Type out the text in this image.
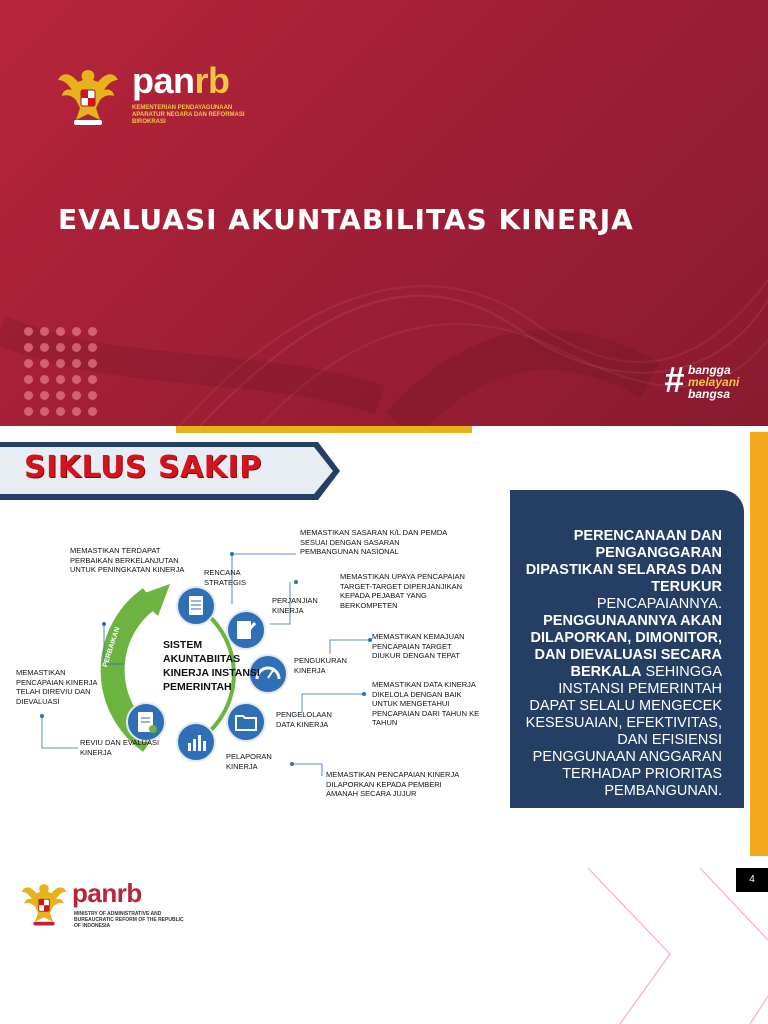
panrb
KEMENTERIAN PENDAYAGUNAAN APARATUR NEGARA DAN REFORMASI BIROKRASI
EVALUASI AKUNTABILITAS KINERJA
# bangga
melayani
bangsa
SIKLUS SAKIP
PERBAIKAN BERKELANJUTAN SISTEM AKUNTABIITAS KINERJA INSTANSI PEMERINTAH
RENCANA STRATEGIS
PERJANJIAN KINERJA
PENGUKURAN KINERJA
PENGELOLAAN DATA KINERJA
PELAPORAN KINERJA
REVIU DAN EVALUASI KINERJA
MEMASTIKAN SASARAN K/L DAN PEMDA SESUAI DENGAN SASARAN PEMBANGUNAN NASIONAL
MEMASTIKAN UPAYA PENCAPAIAN TARGET-TARGET DIPERJANJIKAN KEPADA PEJABAT YANG BERKOMPETEN
MEMASTIKAN KEMAJUAN PENCAPAIAN TARGET DIUKUR DENGAN TEPAT
MEMASTIKAN DATA KINERJA DIKELOLA DENGAN BAIK UNTUK MENGETAHUI PENCAPAIAN DARI TAHUN KE TAHUN
MEMASTIKAN PENCAPAIAN KINERJA DILAPORKAN KEPADA PEMBERI AMANAH SECARA JUJUR
MEMASTIKAN PENCAPAIAN KINERJA TELAH DIREVIU DAN DIEVALUASI
MEMASTIKAN TERDAPAT PERBAIKAN BERKELANJUTAN UNTUK PENINGKATAN KINERJA
PERENCANAAN DAN PENGANGGARAN DIPASTIKAN SELARAS DAN TERUKUR PENCAPAIANNYA. PENGGUNAANNYA AKAN DILAPORKAN, DIMONITOR, DAN DIEVALUASI SECARA BERKALA SEHINGGA INSTANSI PEMERINTAH DAPAT SELALU MENGECEK KESESUAIAN, EFEKTIVITAS, DAN EFISIENSI PENGGUNAAN ANGGARAN TERHADAP PRIORITAS PEMBANGUNAN.
4
panrb
MINISTRY OF ADMINISTRATIVE AND BUREAUCRATIC REFORM OF THE REPUBLIC OF INDONESIA
